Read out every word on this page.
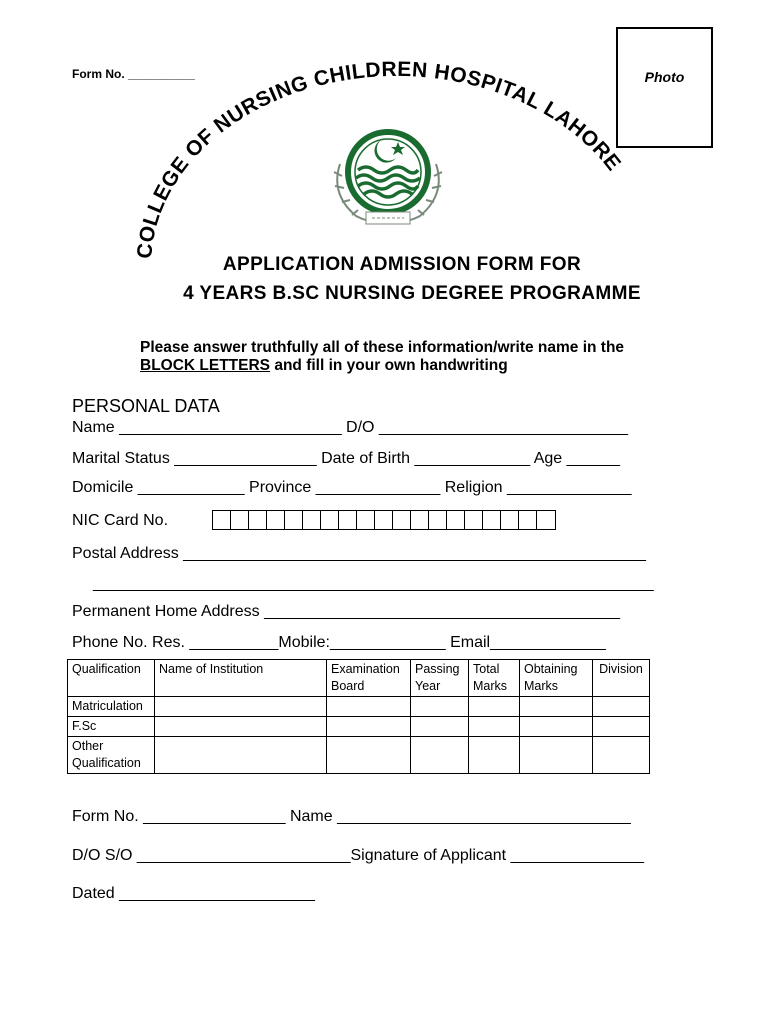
Form No. __________	Photo
COLLEGE OF NURSING CHILDREN HOSPITAL LAHORE
APPLICATION ADMISSION FORM FOR
4 YEARS B.SC NURSING DEGREE PROGRAMME
Please answer truthfully all of these information/write name in the
BLOCK LETTERS and fill in your own handwriting
PERSONAL DATA
Name _________________________ D/O ____________________________
Marital Status ________________ Date of Birth _____________ Age ______
Domicile ____________ Province ______________ Religion ______________
NIC Card No.
Postal Address ____________________________________________________
_______________________________________________________________
Permanent Home Address ________________________________________
Phone No. Res. __________Mobile:_____________ Email_____________
Qualification	Name of Institution	Examination Board	Passing Year	Total Marks	Obtaining Marks	Division
Matriculation						
F.Sc						
Other Qualification						
Form No. ________________ Name _________________________________
D/O S/O ________________________Signature of Applicant _______________
Dated ______________________
